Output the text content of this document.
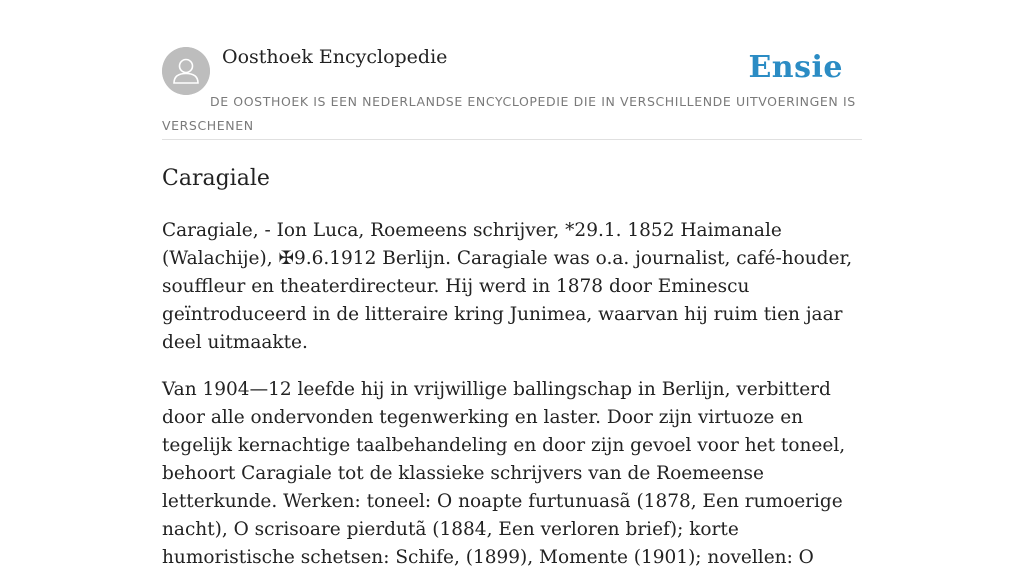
Oosthoek Encyclopedie	Ensie
DE OOSTHOEK IS EEN NEDERLANDSE ENCYCLOPEDIE DIE IN VERSCHILLENDE UITVOERINGEN IS VERSCHENEN
Caragiale

Caragiale, - Ion Luca, Roemeens schrijver, *29.1. 1852 Haimanale (Walachije), ✠9.6.1912 Berlijn. Caragiale was o.a. journalist, café-houder, souffleur en theaterdirecteur. Hij werd in 1878 door Eminescu geïntroduceerd in de litteraire kring Junimea, waarvan hij ruim tien jaar deel uitmaakte.

Van 1904—12 leefde hij in vrijwillige ballingschap in Berlijn, verbitterd door alle ondervonden tegenwerking en laster. Door zijn virtuoze en tegelijk kernachtige taalbehandeling en door zijn gevoel voor het toneel, behoort Caragiale tot de klassieke schrijvers van de Roemeense letterkunde. Werken: toneel: O noapte furtunuasã (1878, Een rumoerige nacht), O scrisoare pierdutã (1884, Een verloren brief); korte humoristische schetsen: Schife, (1899), Momente (1901); novellen: O
